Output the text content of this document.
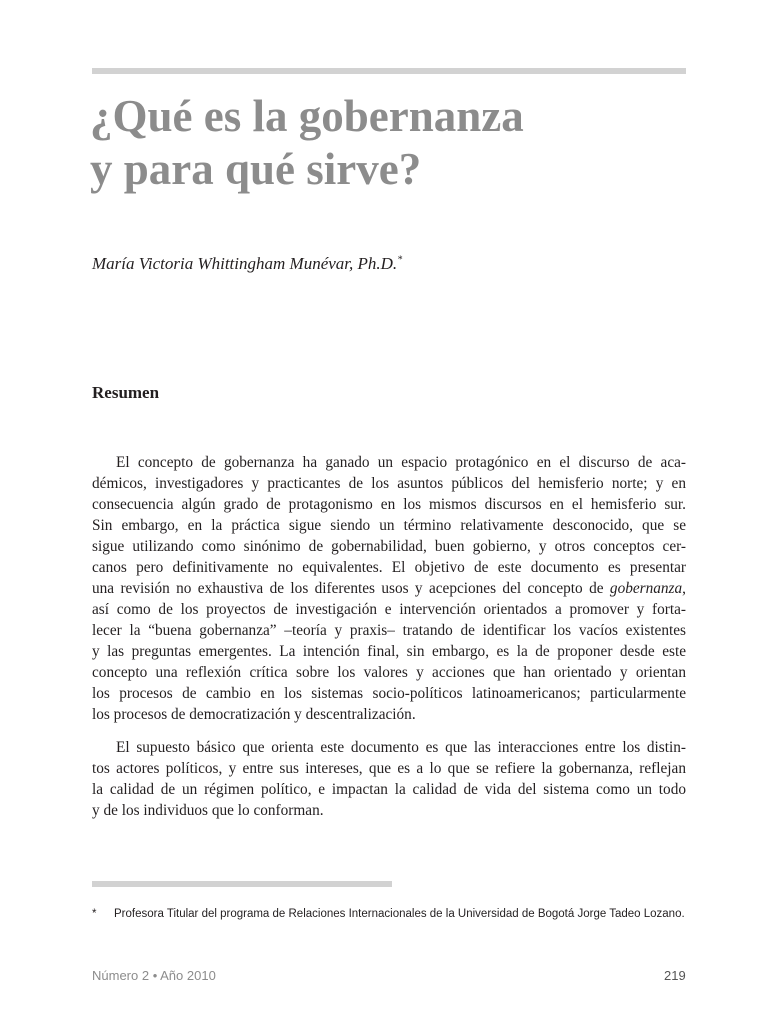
¿Qué es la gobernanza
y para qué sirve?
María Victoria Whittingham Munévar, Ph.D.*
Resumen
El concepto de gobernanza ha ganado un espacio protagónico en el discurso de aca-
démicos, investigadores y practicantes de los asuntos públicos del hemisferio norte; y en
consecuencia algún grado de protagonismo en los mismos discursos en el hemisferio sur.
Sin embargo, en la práctica sigue siendo un término relativamente desconocido, que se
sigue utilizando como sinónimo de gobernabilidad, buen gobierno, y otros conceptos cer-
canos pero definitivamente no equivalentes. El objetivo de este documento es presentar
una revisión no exhaustiva de los diferentes usos y acepciones del concepto de gobernanza,
así como de los proyectos de investigación e intervención orientados a promover y forta-
lecer la “buena gobernanza” –teoría y praxis– tratando de identificar los vacíos existentes
y las preguntas emergentes. La intención final, sin embargo, es la de proponer desde este
concepto una reflexión crítica sobre los valores y acciones que han orientado y orientan
los procesos de cambio en los sistemas socio-políticos latinoamericanos; particularmente
los procesos de democratización y descentralización.
El supuesto básico que orienta este documento es que las interacciones entre los distin-
tos actores políticos, y entre sus intereses, que es a lo que se refiere la gobernanza, reflejan
la calidad de un régimen político, e impactan la calidad de vida del sistema como un todo
y de los individuos que lo conforman.
* Profesora Titular del programa de Relaciones Internacionales de la Universidad de Bogotá Jorge Tadeo Lozano.
Número 2 • Año 2010	219
